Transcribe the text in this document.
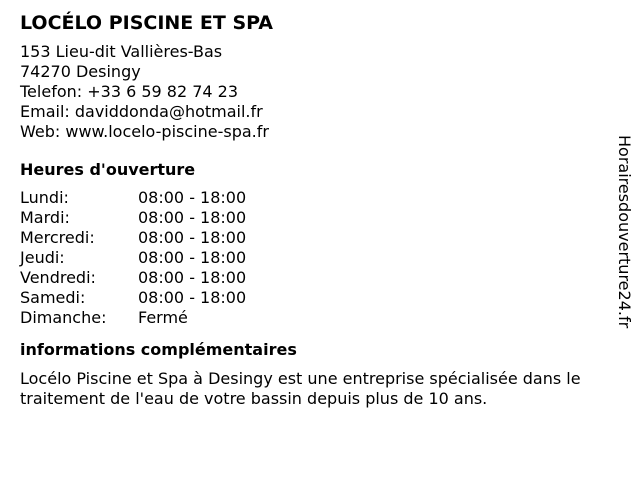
LOCÉLO PISCINE ET SPA
153 Lieu-dit Vallières-Bas
74270 Desingy
Telefon: +33 6 59 82 74 23
Email: daviddonda@hotmail.fr
Web: www.locelo-piscine-spa.fr
Heures d'ouverture
Lundi:	08:00 - 18:00
Mardi:	08:00 - 18:00
Mercredi:	08:00 - 18:00
Jeudi:	08:00 - 18:00
Vendredi:	08:00 - 18:00
Samedi:	08:00 - 18:00
Dimanche: Fermé
informations complémentaires
Locélo Piscine et Spa à Desingy est une entreprise spécialisée dans le traitement de l'eau de votre bassin depuis plus de 10 ans.
Horairesdouverture24.fr
